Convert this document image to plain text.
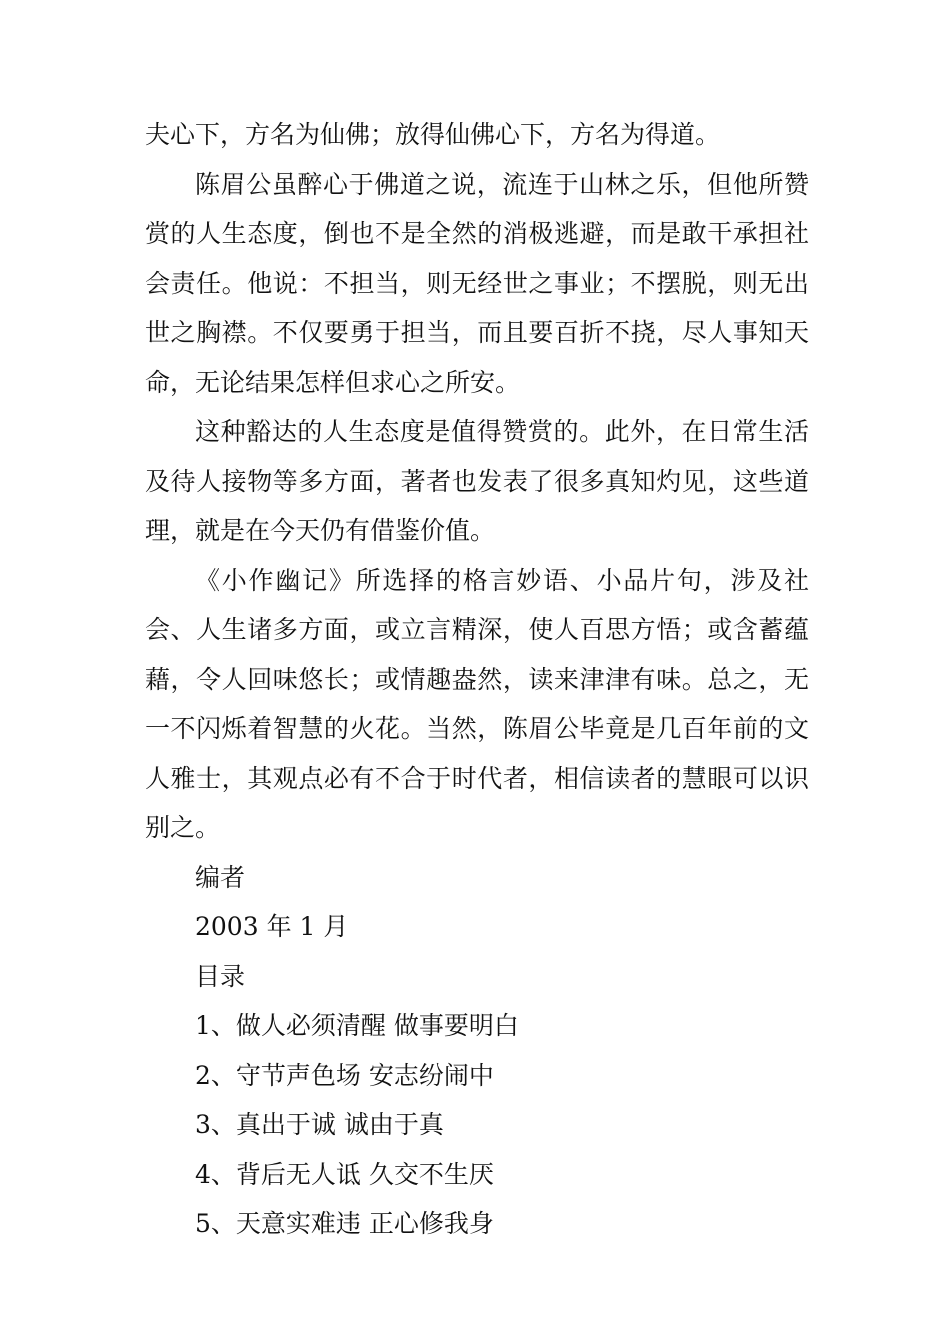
夫心下，方名为仙佛；放得仙佛心下，方名为得道。

陈眉公虽醉心于佛道之说，流连于山林之乐，但他所赞赏的人生态度，倒也不是全然的消极逃避，而是敢干承担社会责任。他说：不担当，则无经世之事业；不摆脱，则无出世之胸襟。不仅要勇于担当，而且要百折不挠，尽人事知天命，无论结果怎样但求心之所安。

这种豁达的人生态度是值得赞赏的。此外，在日常生活及待人接物等多方面，著者也发表了很多真知灼见，这些道理，就是在今天仍有借鉴价值。

《小作幽记》所选择的格言妙语、小品片句，涉及社会、人生诸多方面，或立言精深，使人百思方悟；或含蓄蕴藉，令人回味悠长；或情趣盎然，读来津津有味。总之，无一不闪烁着智慧的火花。当然，陈眉公毕竟是几百年前的文人雅士，其观点必有不合于时代者，相信读者的慧眼可以识别之。

编者

2003 年 1 月

目录

1、做人必须清醒 做事要明白

2、守节声色场 安志纷闹中

3、真出于诚 诚由于真

4、背后无人诋 久交不生厌

5、天意实难违 正心修我身
